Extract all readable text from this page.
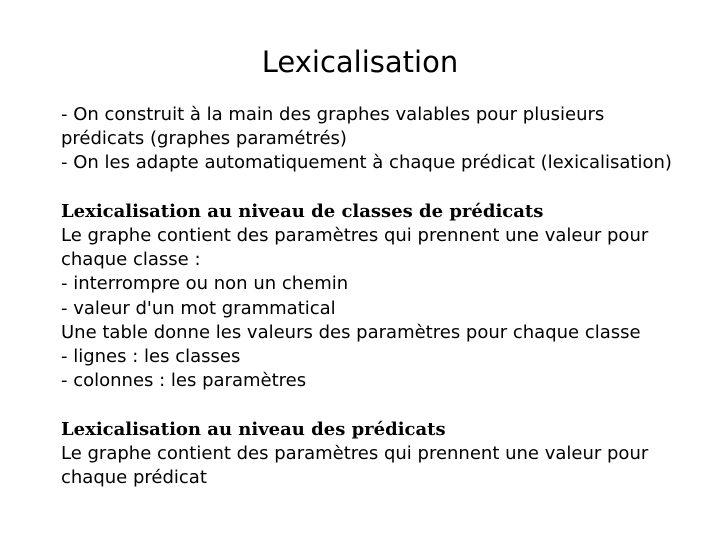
Lexicalisation
- On construit à la main des graphes valables pour plusieurs
prédicats (graphes paramétrés)
- On les adapte automatiquement à chaque prédicat (lexicalisation)
Lexicalisation au niveau de classes de prédicats
Le graphe contient des paramètres qui prennent une valeur pour
chaque classe :
- interrompre ou non un chemin
- valeur d'un mot grammatical
Une table donne les valeurs des paramètres pour chaque classe
- lignes : les classes
- colonnes : les paramètres
Lexicalisation au niveau des prédicats
Le graphe contient des paramètres qui prennent une valeur pour
chaque prédicat
